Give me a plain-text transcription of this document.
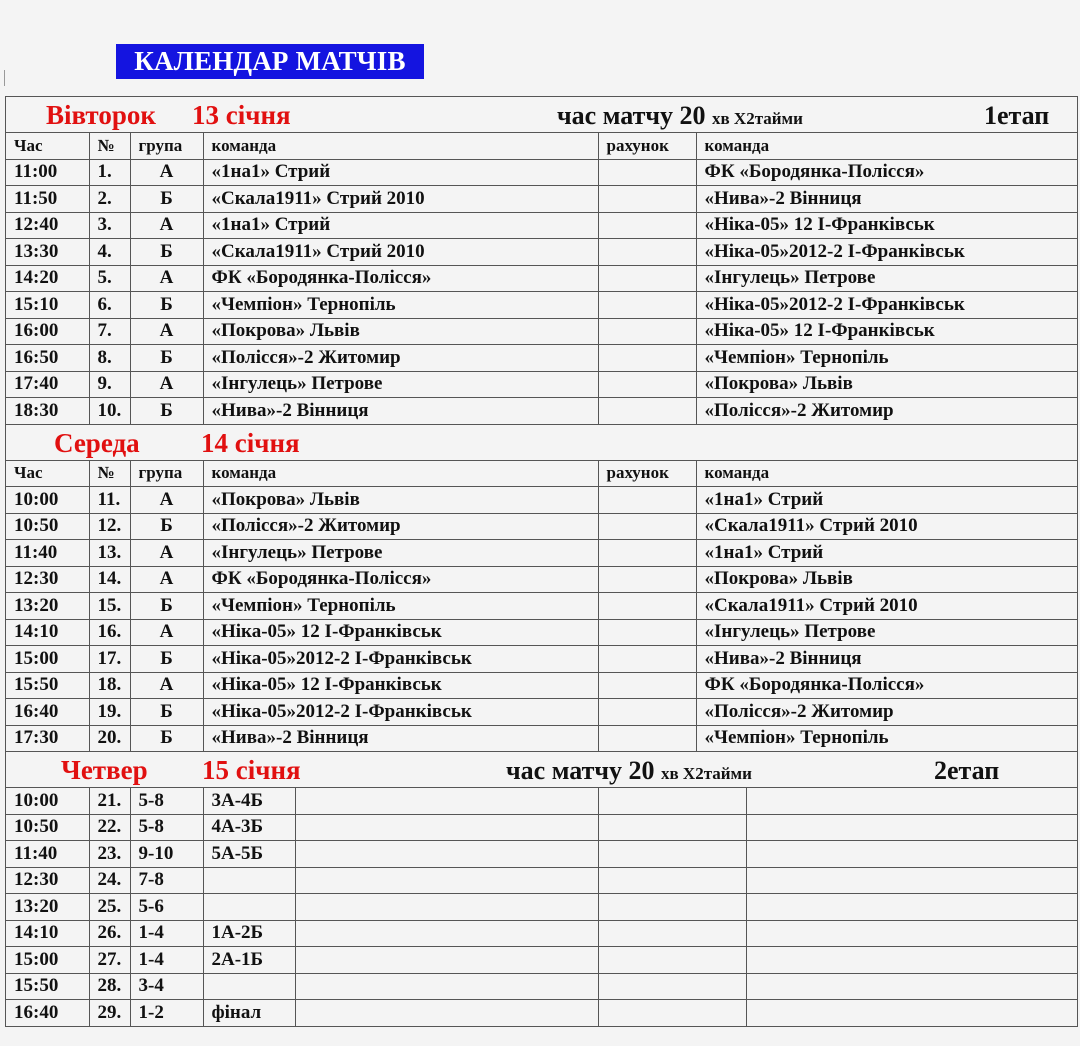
КАЛЕНДАР МАТЧІВ
Вівторок 13 січня	час матчу 20 хв Х2тайми	1етап
Час	№	група	команда	рахунок	команда
11:00	1.	А	«1на1» Стрий		ФК «Бородянка-Полісся»
11:50	2.	Б	«Скала1911» Стрий 2010		«Нива»-2 Вінниця
12:40	3.	А	«1на1» Стрий		«Ніка-05» 12 І-Франківськ
13:30	4.	Б	«Скала1911» Стрий 2010		«Ніка-05»2012-2 І-Франківськ
14:20	5.	А	ФК «Бородянка-Полісся»		«Інгулець» Петрове
15:10	6.	Б	«Чемпіон» Тернопіль		«Ніка-05»2012-2 І-Франківськ
16:00	7.	А	«Покрова» Львів		«Ніка-05» 12 І-Франківськ
16:50	8.	Б	«Полісся»-2 Житомир		«Чемпіон» Тернопіль
17:40	9.	А	«Інгулець» Петрове		«Покрова» Львів
18:30	10.	Б	«Нива»-2 Вінниця		«Полісся»-2 Житомир
Середа 14 січня
Час	№	група	команда	рахунок	команда
10:00	11.	А	«Покрова» Львів		«1на1» Стрий
10:50	12.	Б	«Полісся»-2 Житомир		«Скала1911» Стрий 2010
11:40	13.	А	«Інгулець» Петрове		«1на1» Стрий
12:30	14.	А	ФК «Бородянка-Полісся»		«Покрова» Львів
13:20	15.	Б	«Чемпіон» Тернопіль		«Скала1911» Стрий 2010
14:10	16.	А	«Ніка-05» 12 І-Франківськ		«Інгулець» Петрове
15:00	17.	Б	«Ніка-05»2012-2 І-Франківськ		«Нива»-2 Вінниця
15:50	18.	А	«Ніка-05» 12 І-Франківськ		ФК «Бородянка-Полісся»
16:40	19.	Б	«Ніка-05»2012-2 І-Франківськ		«Полісся»-2 Житомир
17:30	20.	Б	«Нива»-2 Вінниця		«Чемпіон» Тернопіль
Четвер 15 січня	час матчу 20 хв Х2тайми	2етап
10:00	21.	5-8	3А-4Б			
10:50	22.	5-8	4А-3Б			
11:40	23.	9-10	5А-5Б			
12:30	24.	7-8				
13:20	25.	5-6				
14:10	26.	1-4	1А-2Б			
15:00	27.	1-4	2А-1Б			
15:50	28.	3-4				
16:40	29.	1-2	фінал			
